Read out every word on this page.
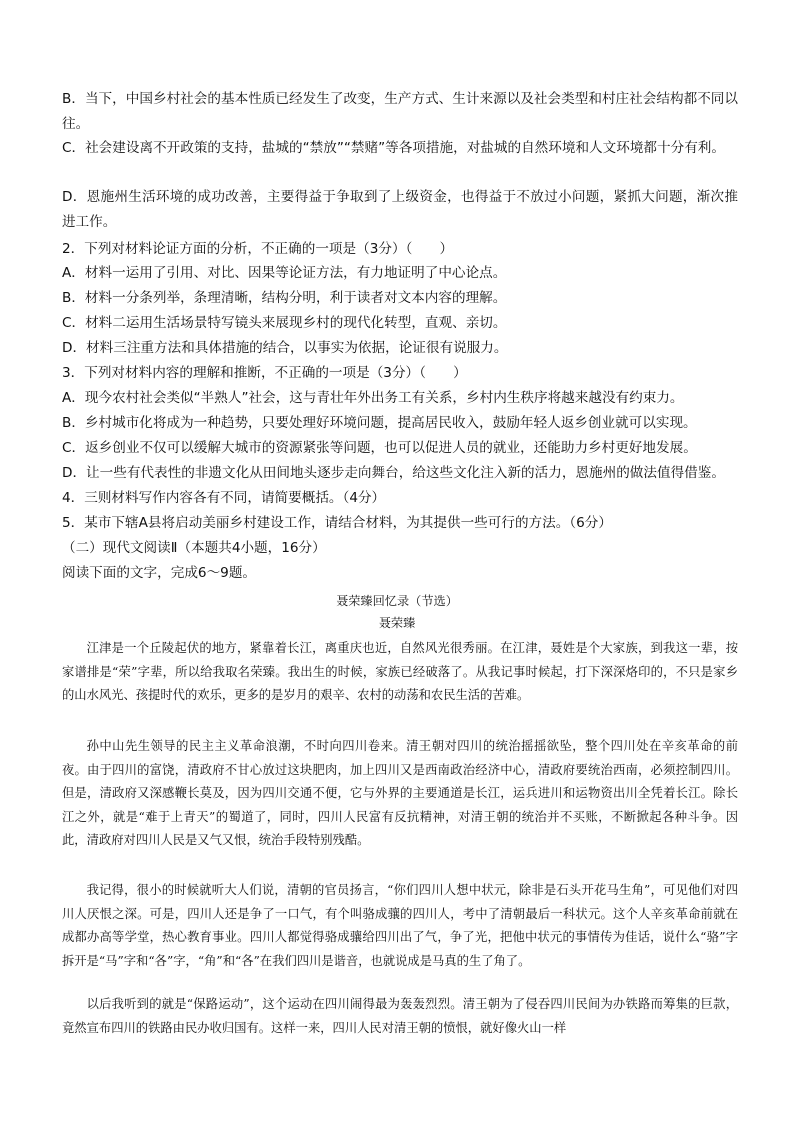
B．当下，中国乡村社会的基本性质已经发生了改变，生产方式、生计来源以及社会类型和村庄社会结构都不同以往。
C．社会建设离不开政策的支持，盐城的“禁放”“禁赌”等各项措施，对盐城的自然环境和人文环境都十分有利。
D．恩施州生活环境的成功改善，主要得益于争取到了上级资金，也得益于不放过小问题，紧抓大问题，渐次推进工作。
2．下列对材料论证方面的分析，不正确的一项是（3分）（　　）
A．材料一运用了引用、对比、因果等论证方法，有力地证明了中心论点。
B．材料一分条列举，条理清晰，结构分明，利于读者对文本内容的理解。
C．材料二运用生活场景特写镜头来展现乡村的现代化转型，直观、亲切。
D．材料三注重方法和具体措施的结合，以事实为依据，论证很有说服力。
3．下列对材料内容的理解和推断，不正确的一项是（3分）（　　）
A．现今农村社会类似“半熟人”社会，这与青壮年外出务工有关系，乡村内生秩序将越来越没有约束力。
B．乡村城市化将成为一种趋势，只要处理好环境问题，提高居民收入，鼓励年轻人返乡创业就可以实现。
C．返乡创业不仅可以缓解大城市的资源紧张等问题，也可以促进人员的就业，还能助力乡村更好地发展。
D．让一些有代表性的非遗文化从田间地头逐步走向舞台，给这些文化注入新的活力，恩施州的做法值得借鉴。
4．三则材料写作内容各有不同，请简要概括。（4分）
5．某市下辖A县将启动美丽乡村建设工作，请结合材料，为其提供一些可行的方法。（6分）
（二）现代文阅读Ⅱ（本题共4小题，16分）
阅读下面的文字，完成6～9题。
聂荣臻回忆录（节选）
聂荣臻

江津是一个丘陵起伏的地方，紧靠着长江，离重庆也近，自然风光很秀丽。在江津，聂姓是个大家族，到我这一辈，按家谱排是“荣”字辈，所以给我取名荣臻。我出生的时候，家族已经破落了。从我记事时候起，打下深深烙印的，不只是家乡的山水风光、孩提时代的欢乐，更多的是岁月的艰辛、农村的动荡和农民生活的苦难。

孙中山先生领导的民主主义革命浪潮，不时向四川卷来。清王朝对四川的统治摇摇欲坠，整个四川处在辛亥革命的前夜。由于四川的富饶，清政府不甘心放过这块肥肉，加上四川又是西南政治经济中心，清政府要统治西南，必须控制四川。但是，清政府又深感鞭长莫及，因为四川交通不便，它与外界的主要通道是长江，运兵进川和运物资出川全凭着长江。除长江之外，就是“难于上青天”的蜀道了，同时，四川人民富有反抗精神，对清王朝的统治并不买账，不断掀起各种斗争。因此，清政府对四川人民是又气又恨，统治手段特别残酷。

我记得，很小的时候就听大人们说，清朝的官员扬言，“你们四川人想中状元，除非是石头开花马生角”，可见他们对四川人厌恨之深。可是，四川人还是争了一口气，有个叫骆成骧的四川人，考中了清朝最后一科状元。这个人辛亥革命前就在成都办高等学堂，热心教育事业。四川人都觉得骆成骧给四川出了气，争了光，把他中状元的事情传为佳话，说什么“骆”字拆开是“马”字和“各”字，“角”和“各”在我们四川是谐音，也就说成是马真的生了角了。

以后我听到的就是“保路运动”，这个运动在四川闹得最为轰轰烈烈。清王朝为了侵吞四川民间为办铁路而筹集的巨款，竟然宣布四川的铁路由民办收归国有。这样一来，四川人民对清王朝的愤恨，就好像火山一样
